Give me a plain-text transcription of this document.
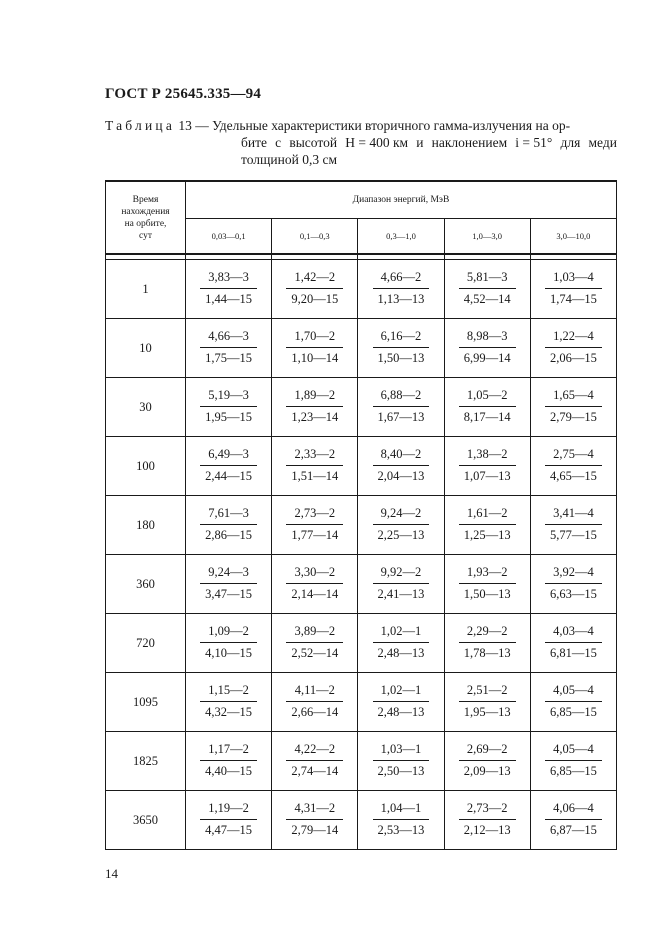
ГОСТ Р 25645.335—94
Таблица 13 — Удельные характеристики вторичного гамма-излучения на ор-
бите с высотой H = 400 км и наклонением i = 51° для меди
толщиной 0,3 см
Время
нахождения
на орбите,
сут	Диапазон энергий, МэВ				
	0,03—0,1	0,1—0,3	0,3—1,0	1,0—3,0	3,0—10,0

1	$\frac{3,83—3}{1,44—15}$	$\frac{1,42—2}{9,20—15}$	$\frac{4,66—2}{1,13—13}$	$\frac{5,81—3}{4,52—14}$	$\frac{1,03—4}{1,74—15}$

10	$\frac{4,66—3}{1,75—15}$	$\frac{1,70—2}{1,10—14}$	$\frac{6,16—2}{1,50—13}$	$\frac{8,98—3}{6,99—14}$	$\frac{1,22—4}{2,06—15}$

30	$\frac{5,19—3}{1,95—15}$	$\frac{1,89—2}{1,23—14}$	$\frac{6,88—2}{1,67—13}$	$\frac{1,05—2}{8,17—14}$	$\frac{1,65—4}{2,79—15}$

100	$\frac{6,49—3}{2,44—15}$	$\frac{2,33—2}{1,51—14}$	$\frac{8,40—2}{2,04—13}$	$\frac{1,38—2}{1,07—13}$	$\frac{2,75—4}{4,65—15}$

180	$\frac{7,61—3}{2,86—15}$	$\frac{2,73—2}{1,77—14}$	$\frac{9,24—2}{2,25—13}$	$\frac{1,61—2}{1,25—13}$	$\frac{3,41—4}{5,77—15}$

360	$\frac{9,24—3}{3,47—15}$	$\frac{3,30—2}{2,14—14}$	$\frac{9,92—2}{2,41—13}$	$\frac{1,93—2}{1,50—13}$	$\frac{3,92—4}{6,63—15}$

720	$\frac{1,09—2}{4,10—15}$	$\frac{3,89—2}{2,52—14}$	$\frac{1,02—1}{2,48—13}$	$\frac{2,29—2}{1,78—13}$	$\frac{4,03—4}{6,81—15}$

1095	$\frac{1,15—2}{4,32—15}$	$\frac{4,11—2}{2,66—14}$	$\frac{1,02—1}{2,48—13}$	$\frac{2,51—2}{1,95—13}$	$\frac{4,05—4}{6,85—15}$

1825	$\frac{1,17—2}{4,40—15}$	$\frac{4,22—2}{2,74—14}$	$\frac{1,03—1}{2,50—13}$	$\frac{2,69—2}{2,09—13}$	$\frac{4,05—4}{6,85—15}$

3650	$\frac{1,19—2}{4,47—15}$	$\frac{4,31—2}{2,79—14}$	$\frac{1,04—1}{2,53—13}$	$\frac{2,73—2}{2,12—13}$	$\frac{4,06—4}{6,87—15}$
14
